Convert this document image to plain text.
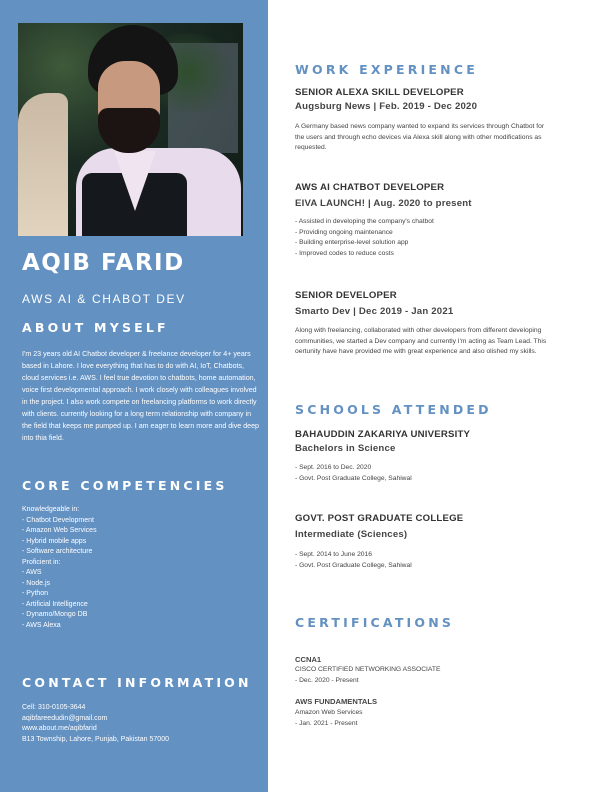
AQIB FARID
AWS AI & CHABOT DEV
ABOUT MYSELF
I'm 23 years old AI Chatbot developer & freelance developer for 4+ years based in Lahore. I love everything that has to do with AI, IoT, Chatbots, cloud services i.e. AWS. I feel true devotion to chatbots, home automation, voice first developmental approach. I work closely with colleagues involved in the project. I also work compete on freelancing platforms to work directly with clients. currently looking for a long term relationship with company in the field that keeps me pumped up. I am eager to learn more and dive deep into thia field.
CORE COMPETENCIES
Knowledgeable in:
- Chatbot Development
- Amazon Web Services
- Hybrid mobile apps
- Software architecture
Proficient in:
- AWS
- Node.js
- Python
- Artificial Intelligence
- Dynamo/Mongo DB
- AWS Alexa
CONTACT INFORMATION
Cell: 310-0105-3644
aqibfareedudin@gmail.com
www.about.me/aqibfarid
B13 Township, Lahore, Punjab, Pakistan 57000
WORK EXPERIENCE
SENIOR ALEXA SKILL DEVELOPER
Augsburg News | Feb. 2019 - Dec 2020
A Germany based news company wanted to expand its services through Chatbot for the users and through echo devices via Alexa skill along with other modifications as requested.
AWS AI CHATBOT DEVELOPER
EIVA LAUNCH! | Aug. 2020 to present
- Assisted in developing the company's chatbot
- Providing ongoing maintenance
- Building enterprise-level solution app
- Improved codes to reduce costs
SENIOR DEVELOPER
Smarto Dev | Dec 2019 - Jan 2021
Along with freelancing, collaborated with other developers from different developing communities, we started a Dev company and currently I'm acting as Team Lead. This oertunity have have provided me with great experience and also olished my skills.
SCHOOLS ATTENDED
BAHAUDDIN ZAKARIYA UNIVERSITY
Bachelors in Science
- Sept. 2016 to Dec. 2020
- Govt. Post Graduate College, Sahiwal
GOVT. POST GRADUATE COLLEGE
Intermediate (Sciences)
- Sept. 2014 to June 2016
- Govt. Post Graduate College, Sahiwal
CERTIFICATIONS
CCNA1
CISCO CERTIFIED NETWORKING ASSOCIATE
- Dec. 2020 - Present
AWS FUNDAMENTALS
Amazon Web Services
- Jan. 2021 - Present
